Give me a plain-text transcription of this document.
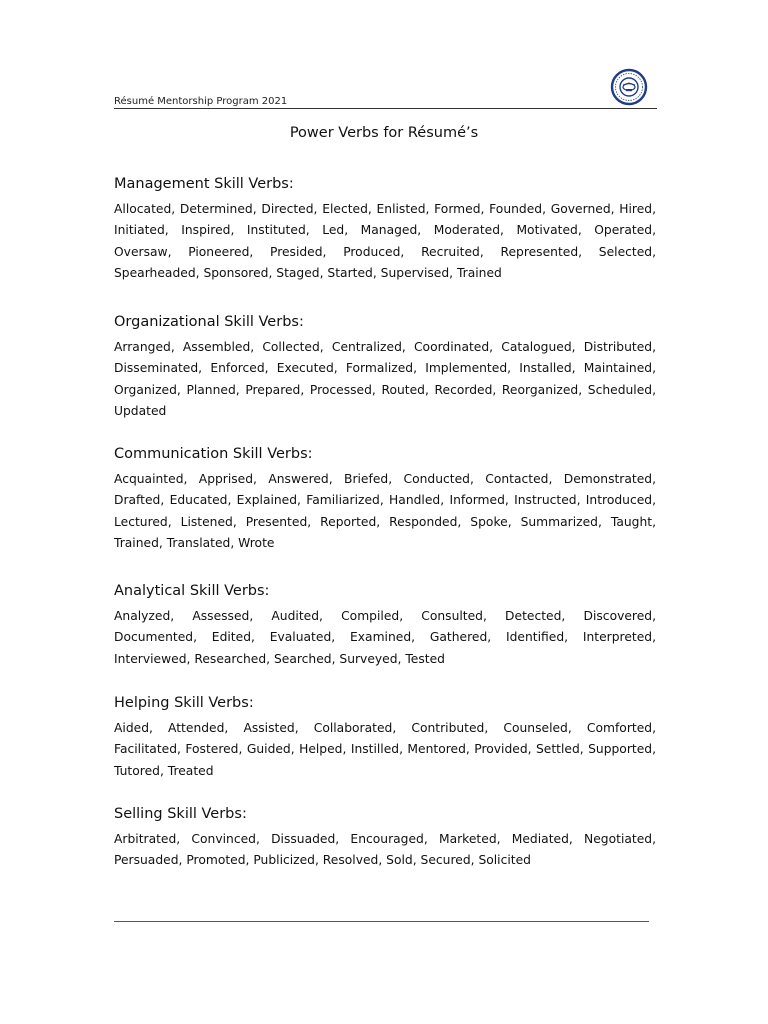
Résumé Mentorship Program 2021
Power Verbs for Résumé’s
Management Skill Verbs:
Allocated, Determined, Directed, Elected, Enlisted, Formed, Founded, Governed, Hired, Initiated, Inspired, Instituted, Led, Managed, Moderated, Motivated, Operated, Oversaw, Pioneered, Presided, Produced, Recruited, Represented, Selected, Spearheaded, Sponsored, Staged, Started, Supervised, Trained
Organizational Skill Verbs:
Arranged, Assembled, Collected, Centralized, Coordinated, Catalogued, Distributed, Disseminated, Enforced, Executed, Formalized, Implemented, Installed, Maintained, Organized, Planned, Prepared, Processed, Routed, Recorded, Reorganized, Scheduled, Updated
Communication Skill Verbs:
Acquainted, Apprised, Answered, Briefed, Conducted, Contacted, Demonstrated, Drafted, Educated, Explained, Familiarized, Handled, Informed, Instructed, Introduced, Lectured, Listened, Presented, Reported, Responded, Spoke, Summarized, Taught, Trained, Translated, Wrote
Analytical Skill Verbs:
Analyzed, Assessed, Audited, Compiled, Consulted, Detected, Discovered, Documented, Edited, Evaluated, Examined, Gathered, Identified, Interpreted, Interviewed, Researched, Searched, Surveyed, Tested
Helping Skill Verbs:
Aided, Attended, Assisted, Collaborated, Contributed, Counseled, Comforted, Facilitated, Fostered, Guided, Helped, Instilled, Mentored, Provided, Settled, Supported, Tutored, Treated
Selling Skill Verbs:
Arbitrated, Convinced, Dissuaded, Encouraged, Marketed, Mediated, Negotiated, Persuaded, Promoted, Publicized, Resolved, Sold, Secured, Solicited
